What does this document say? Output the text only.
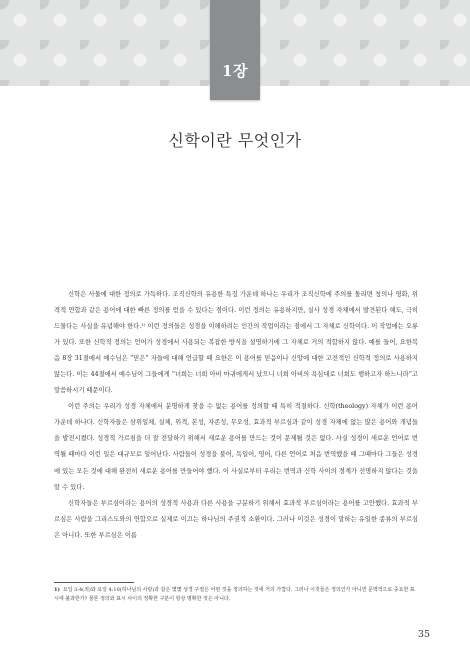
1장
신학이란 무엇인가

신학은 사물에 대한 정의로 가득하다. 조직신학의 유용한 특징 가운데 하나는 우리가 조직신학에 주의를 돌리면 칭의나 영화, 위격적 연합과 같은 용어에 대한 빠른 정의를 얻을 수 있다는 점이다. 이런 정의는 유용하지만, 실사 성경 자체에서 발견된다 해도, 극히 드물다는 사실을 유념해야 한다.¹⁾ 이런 정의들은 성경을 이해하려는 인간의 작업이라는 점에서 그 자체로 신학이다. 이 작업에는 오류가 있다. 또한 신학적 정의는 언어가 성경에서 사용되는 복잡한 방식을 설명하기에 그 자체로 거의 적합하지 않다. 예를 들어, 요한복음 8장 31절에서 예수님은 “믿은” 자들에 대해 언급할 때 요한은 이 용어를 믿음이나 신앙에 대한 고전적인 신학적 정의로 사용하지 않는다. 이는 44절에서 예수님이 그들에게 “너희는 너희 아비 마귀에게서 났으니 너희 아비의 욕심대로 너희도 행하고자 하느니라”고 말씀하시기 때문이다.

이런 주의는 우리가 성경 자체에서 분명하게 찾을 수 없는 용어를 정의할 때 특히 적절하다. 신학(theology) 자체가 이런 용어 가운데 하나다. 신학자들은 삼위일체, 실체, 위격, 본성, 자존성, 무오성, 효과적 부르심과 같이 성경 자체에 없는 많은 용어와 개념들을 발전시켰다. 성경적 가르침을 더 잘 전달하기 위해서 새로운 용어를 만드는 것이 문제될 것은 없다. 사실 성경이 새로운 언어로 번역될 때마다 이런 일은 대규모로 일어난다. 사람들이 성경을 불어, 독일어, 영어, 다른 언어로 처음 번역했을 때 그때마다 그들은 성경에 있는 모든 것에 대해 완전히 새로운 용어를 만들어야 했다. 이 사실로부터 우리는 번역과 신학 사이의 경계가 선명하지 않다는 것을 알 수 있다.

신학자들은 부르심이라는 용어의 성경적 사용과 다른 사용을 구분하기 위해서 효과적 부르심이라는 용어를 고안했다. 효과적 부르심은 사람을 그리스도와의 연합으로 실제로 이끄는 하나님의 주권적 소환이다. 그러나 이것은 성경이 말하는 유일한 종류의 부르심은 아니다. 또한 부르심은 이름

1) 요일 3:4(죄)와 요일 4:10(하나님의 사랑)과 같은 몇몇 성경 구절은 어떤 것을 정의하는 것에 거의 가깝다. 그러나 이것들은 정의인가 아니면 문맥적으로 중요한 표시에 불과한가? 물론 정의와 표시 사이의 정확한 구분이 항상 명확한 것은 아니다.
35
